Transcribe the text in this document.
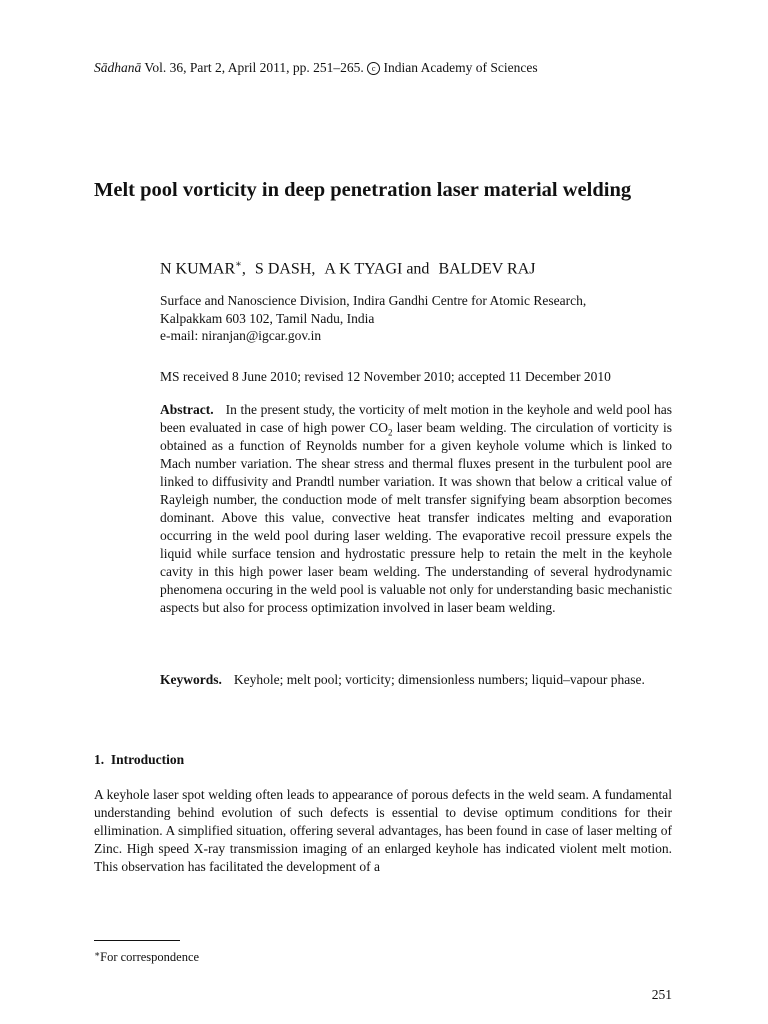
Sādhanā Vol. 36, Part 2, April 2011, pp. 251–265. c Indian Academy of Sciences
Melt pool vorticity in deep penetration laser material welding
N KUMAR∗, S DASH, A K TYAGI and BALDEV RAJ
Surface and Nanoscience Division, Indira Gandhi Centre for Atomic Research,
Kalpakkam 603 102, Tamil Nadu, India
e-mail: niranjan@igcar.gov.in
MS received 8 June 2010; revised 12 November 2010; accepted 11 December 2010

Abstract. In the present study, the vorticity of melt motion in the keyhole and weld pool has been evaluated in case of high power $CO_2$ laser beam welding. The circulation of vorticity is obtained as a function of Reynolds number for a given keyhole volume which is linked to Mach number variation. The shear stress and thermal fluxes present in the turbulent pool are linked to diffusivity and Prandtl number variation. It was shown that below a critical value of Rayleigh number, the conduction mode of melt transfer signifying beam absorption becomes dominant. Above this value, convective heat transfer indicates melting and evaporation occurring in the weld pool during laser welding. The evaporative recoil pressure expels the liquid while surface tension and hydrostatic pressure help to retain the melt in the keyhole cavity in this high power laser beam welding. The understanding of several hydrodynamic phenomena occuring in the weld pool is valuable not only for understanding basic mechanistic aspects but also for process optimization involved in laser beam welding.

Keywords. Keyhole; melt pool; vorticity; dimensionless numbers; liquid–vapour phase.

1. Introduction

A keyhole laser spot welding often leads to appearance of porous defects in the weld seam. A fundamental understanding behind evolution of such defects is essential to devise optimum conditions for their ellimination. A simplified situation, offering several advantages, has been found in case of laser melting of Zinc. High speed X-ray transmission imaging of an enlarged keyhole has indicated violent melt motion. This observation has facilitated the development of a

∗For correspondence
251
